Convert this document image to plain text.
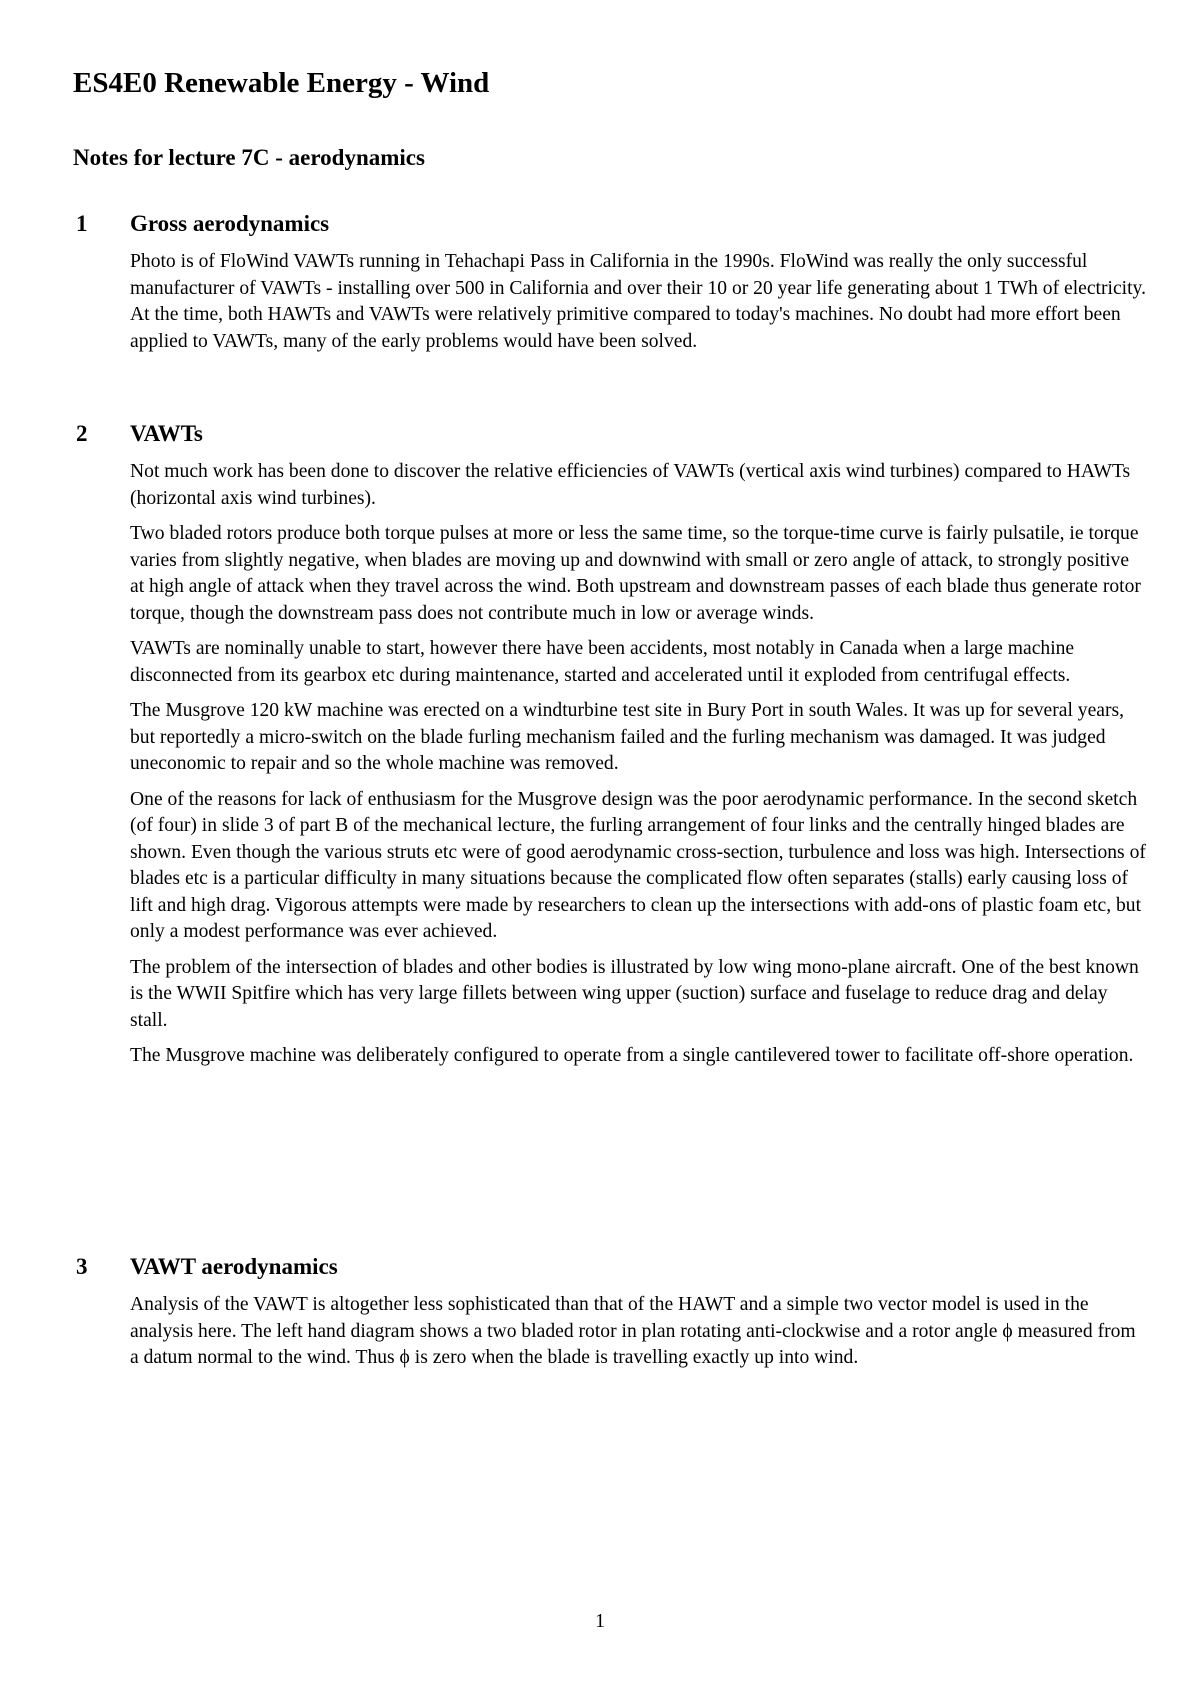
ES4E0 Renewable Energy - Wind
Notes for lecture 7C - aerodynamics
1 Gross aerodynamics

Photo is of FloWind VAWTs running in Tehachapi Pass in California in the 1990s. FloWind was really the only successful manufacturer of VAWTs - installing over 500 in California and over their 10 or 20 year life generating about 1 TWh of electricity. At the time, both HAWTs and VAWTs were relatively primitive compared to today's machines. No doubt had more effort been applied to VAWTs, many of the early problems would have been solved.

2 VAWTs

Not much work has been done to discover the relative efficiencies of VAWTs (vertical axis wind turbines) compared to HAWTs (horizontal axis wind turbines).

Two bladed rotors produce both torque pulses at more or less the same time, so the torque-time curve is fairly pulsatile, ie torque varies from slightly negative, when blades are moving up and downwind with small or zero angle of attack, to strongly positive at high angle of attack when they travel across the wind. Both upstream and downstream passes of each blade thus generate rotor torque, though the downstream pass does not contribute much in low or average winds.

VAWTs are nominally unable to start, however there have been accidents, most notably in Canada when a large machine disconnected from its gearbox etc during maintenance, started and accelerated until it exploded from centrifugal effects.

The Musgrove 120 kW machine was erected on a windturbine test site in Bury Port in south Wales. It was up for several years, but reportedly a micro-switch on the blade furling mechanism failed and the furling mechanism was damaged. It was judged uneconomic to repair and so the whole machine was removed.

One of the reasons for lack of enthusiasm for the Musgrove design was the poor aerodynamic performance. In the second sketch (of four) in slide 3 of part B of the mechanical lecture, the furling arrangement of four links and the centrally hinged blades are shown. Even though the various struts etc were of good aerodynamic cross-section, turbulence and loss was high. Intersections of blades etc is a particular difficulty in many situations because the complicated flow often separates (stalls) early causing loss of lift and high drag. Vigorous attempts were made by researchers to clean up the intersections with add-ons of plastic foam etc, but only a modest performance was ever achieved.

The problem of the intersection of blades and other bodies is illustrated by low wing mono-plane aircraft. One of the best known is the WWII Spitfire which has very large fillets between wing upper (suction) surface and fuselage to reduce drag and delay stall.

The Musgrove machine was deliberately configured to operate from a single cantilevered tower to facilitate off-shore operation.

3 VAWT aerodynamics

Analysis of the VAWT is altogether less sophisticated than that of the HAWT and a simple two vector model is used in the analysis here. The left hand diagram shows a two bladed rotor in plan rotating anti-clockwise and a rotor angle ϕ measured from a datum normal to the wind. Thus ϕ is zero when the blade is travelling exactly up into wind.

1
